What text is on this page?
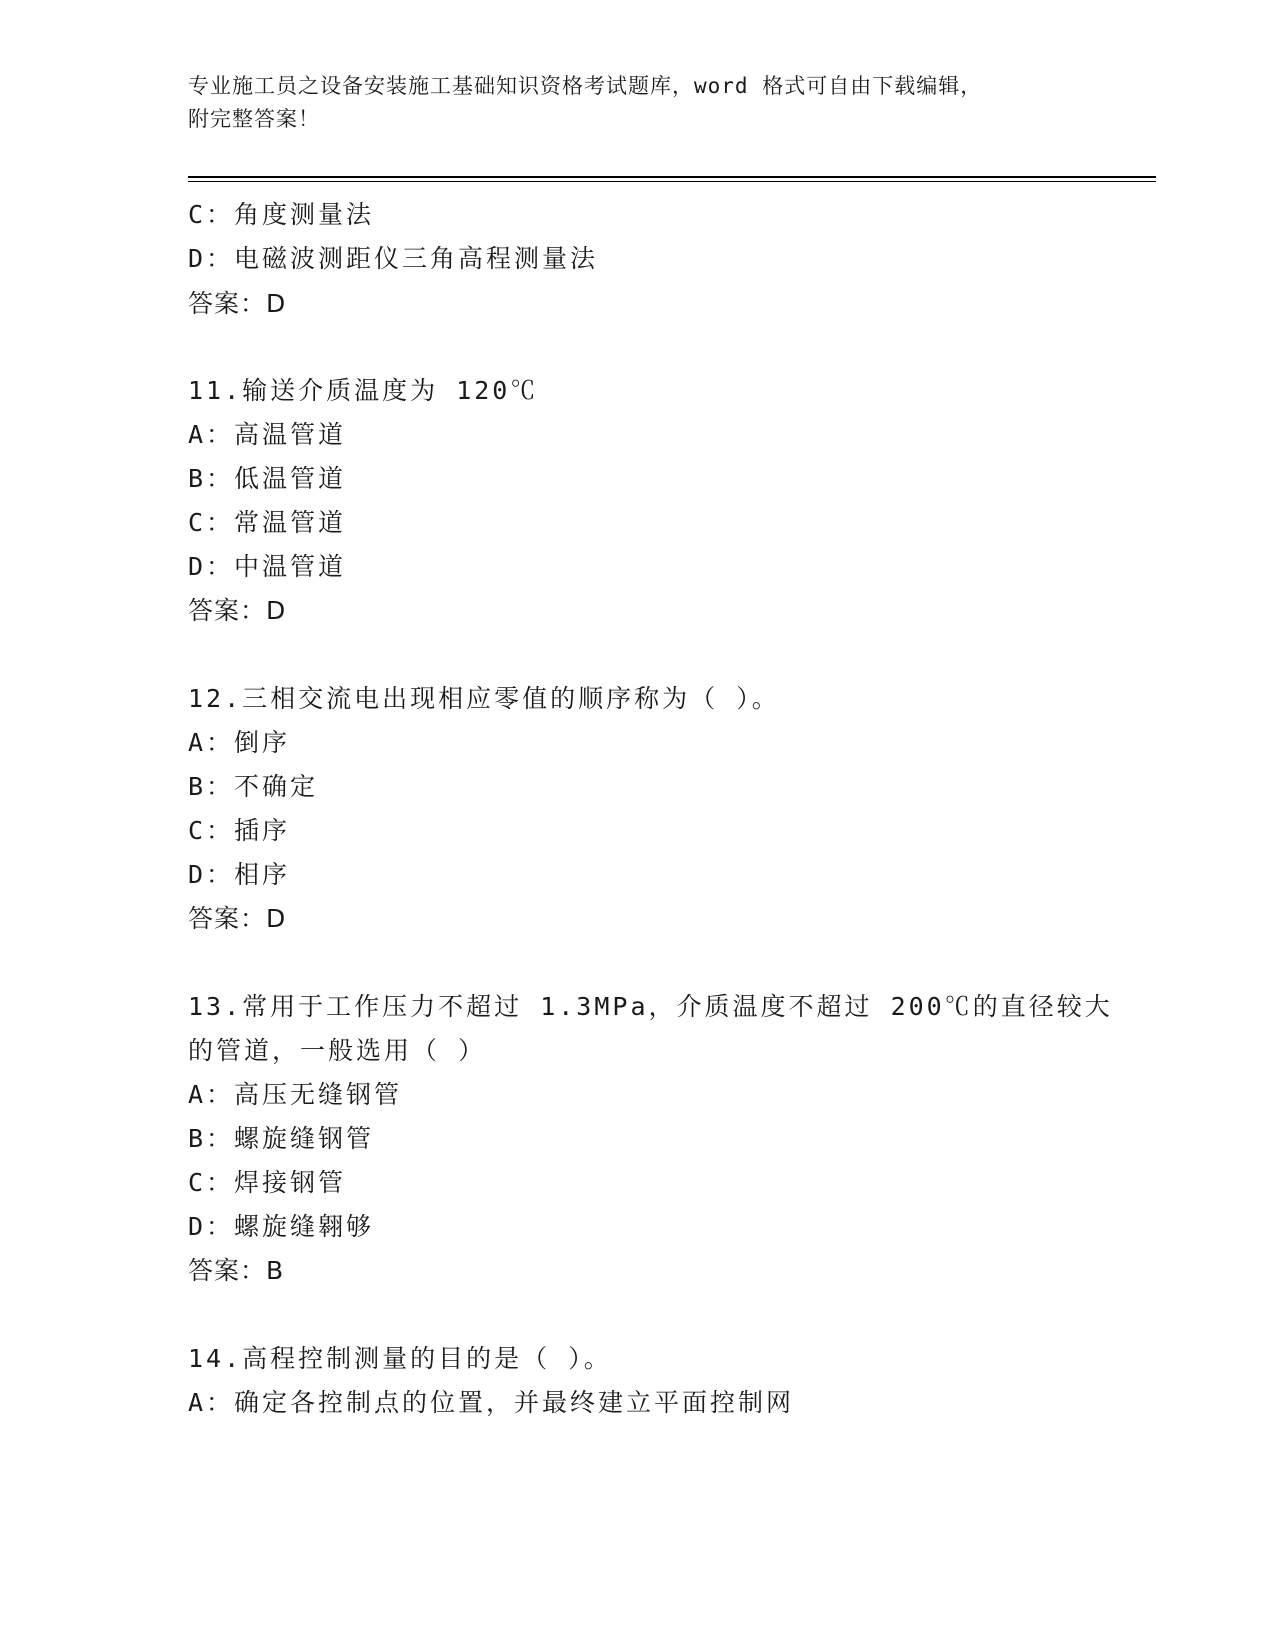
专业施工员之设备安装施工基础知识资格考试题库，word 格式可自由下载编辑，
附完整答案！
C：角度测量法
D：电磁波测距仪三角高程测量法
答案：D
11.输送介质温度为 120℃
A：高温管道
B：低温管道
C：常温管道
D：中温管道
答案：D
12.三相交流电出现相应零值的顺序称为（ ）。
A：倒序
B：不确定
C：插序
D：相序
答案：D
13.常用于工作压力不超过 1.3MPa，介质温度不超过 200℃的直径较大
的管道，一般选用（ ）
A：高压无缝钢管
B：螺旋缝钢管
C：焊接钢管
D：螺旋缝翱够
答案：B
14.高程控制测量的目的是（ ）。
A：确定各控制点的位置，并最终建立平面控制网
